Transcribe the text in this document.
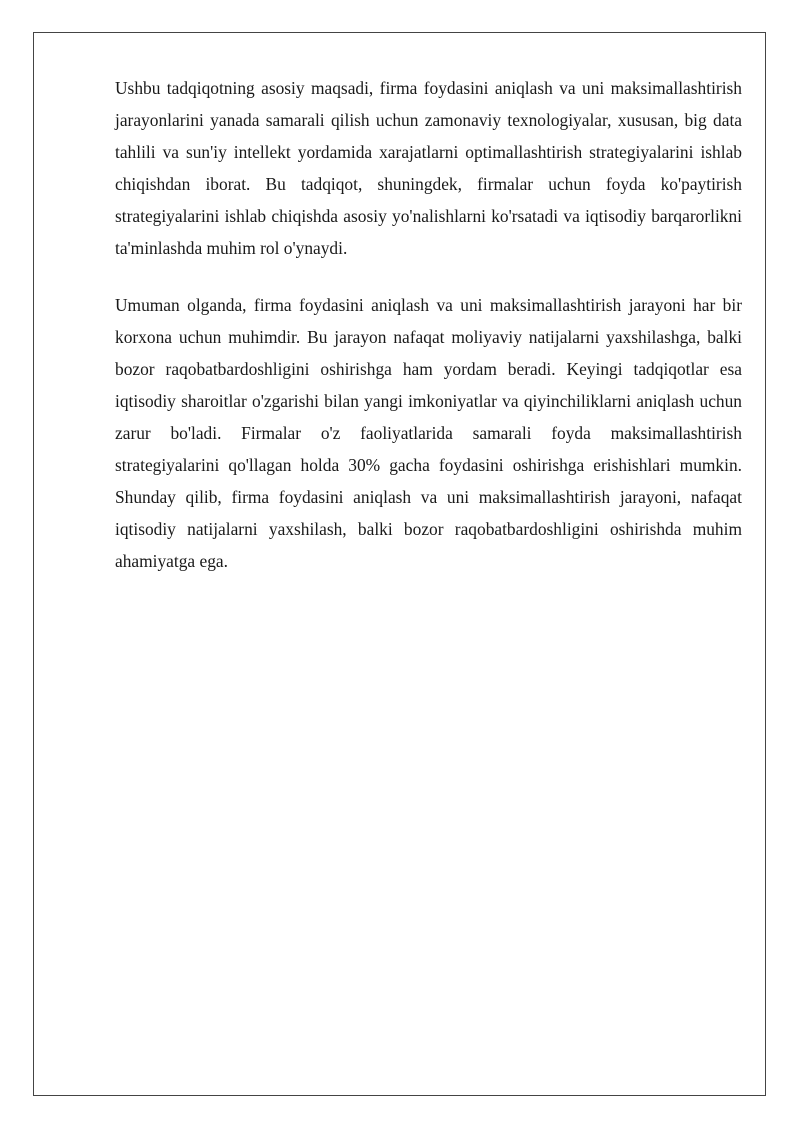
Ushbu tadqiqotning asosiy maqsadi, firma foydasini aniqlash va uni maksimallashtirish jarayonlarini yanada samarali qilish uchun zamonaviy texnologiyalar, xususan, big data tahlili va sun'iy intellekt yordamida xarajatlarni optimallashtirish strategiyalarini ishlab chiqishdan iborat. Bu tadqiqot, shuningdek, firmalar uchun foyda ko'paytirish strategiyalarini ishlab chiqishda asosiy yo'nalishlarni ko'rsatadi va iqtisodiy barqarorlikni ta'minlashda muhim rol o'ynaydi.

Umuman olganda, firma foydasini aniqlash va uni maksimallashtirish jarayoni har bir korxona uchun muhimdir. Bu jarayon nafaqat moliyaviy natijalarni yaxshilashga, balki bozor raqobatbardoshligini oshirishga ham yordam beradi. Keyingi tadqiqotlar esa iqtisodiy sharoitlar o'zgarishi bilan yangi imkoniyatlar va qiyinchiliklarni aniqlash uchun zarur bo'ladi. Firmalar o'z faoliyatlarida samarali foyda maksimallashtirish strategiyalarini qo'llagan holda 30% gacha foydasini oshirishga erishishlari mumkin. Shunday qilib, firma foydasini aniqlash va uni maksimallashtirish jarayoni, nafaqat iqtisodiy natijalarni yaxshilash, balki bozor raqobatbardoshligini oshirishda muhim ahamiyatga ega.
